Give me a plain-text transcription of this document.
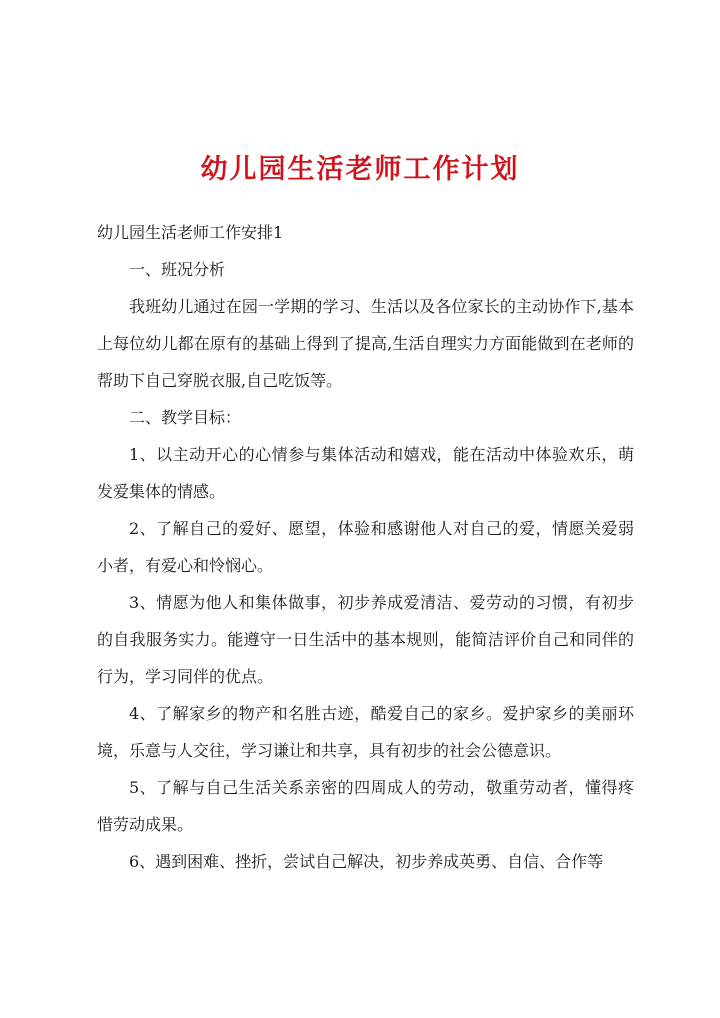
幼儿园生活老师工作计划

幼儿园生活老师工作安排1

一、班况分析

我班幼儿通过在园一学期的学习、生活以及各位家长的主动协作下,基本上每位幼儿都在原有的基础上得到了提高,生活自理实力方面能做到在老师的帮助下自己穿脱衣服,自己吃饭等。

二、教学目标：

1、以主动开心的心情参与集体活动和嬉戏，能在活动中体验欢乐，萌发爱集体的情感。

2、了解自己的爱好、愿望，体验和感谢他人对自己的爱，情愿关爱弱小者，有爱心和怜悯心。

3、情愿为他人和集体做事，初步养成爱清洁、爱劳动的习惯，有初步的自我服务实力。能遵守一日生活中的基本规则，能简洁评价自己和同伴的行为，学习同伴的优点。

4、了解家乡的物产和名胜古迹，酷爱自己的家乡。爱护家乡的美丽环境，乐意与人交往，学习谦让和共享，具有初步的社会公德意识。

5、了解与自己生活关系亲密的四周成人的劳动，敬重劳动者，懂得疼惜劳动成果。

6、遇到困难、挫折，尝试自己解决，初步养成英勇、自信、合作等
